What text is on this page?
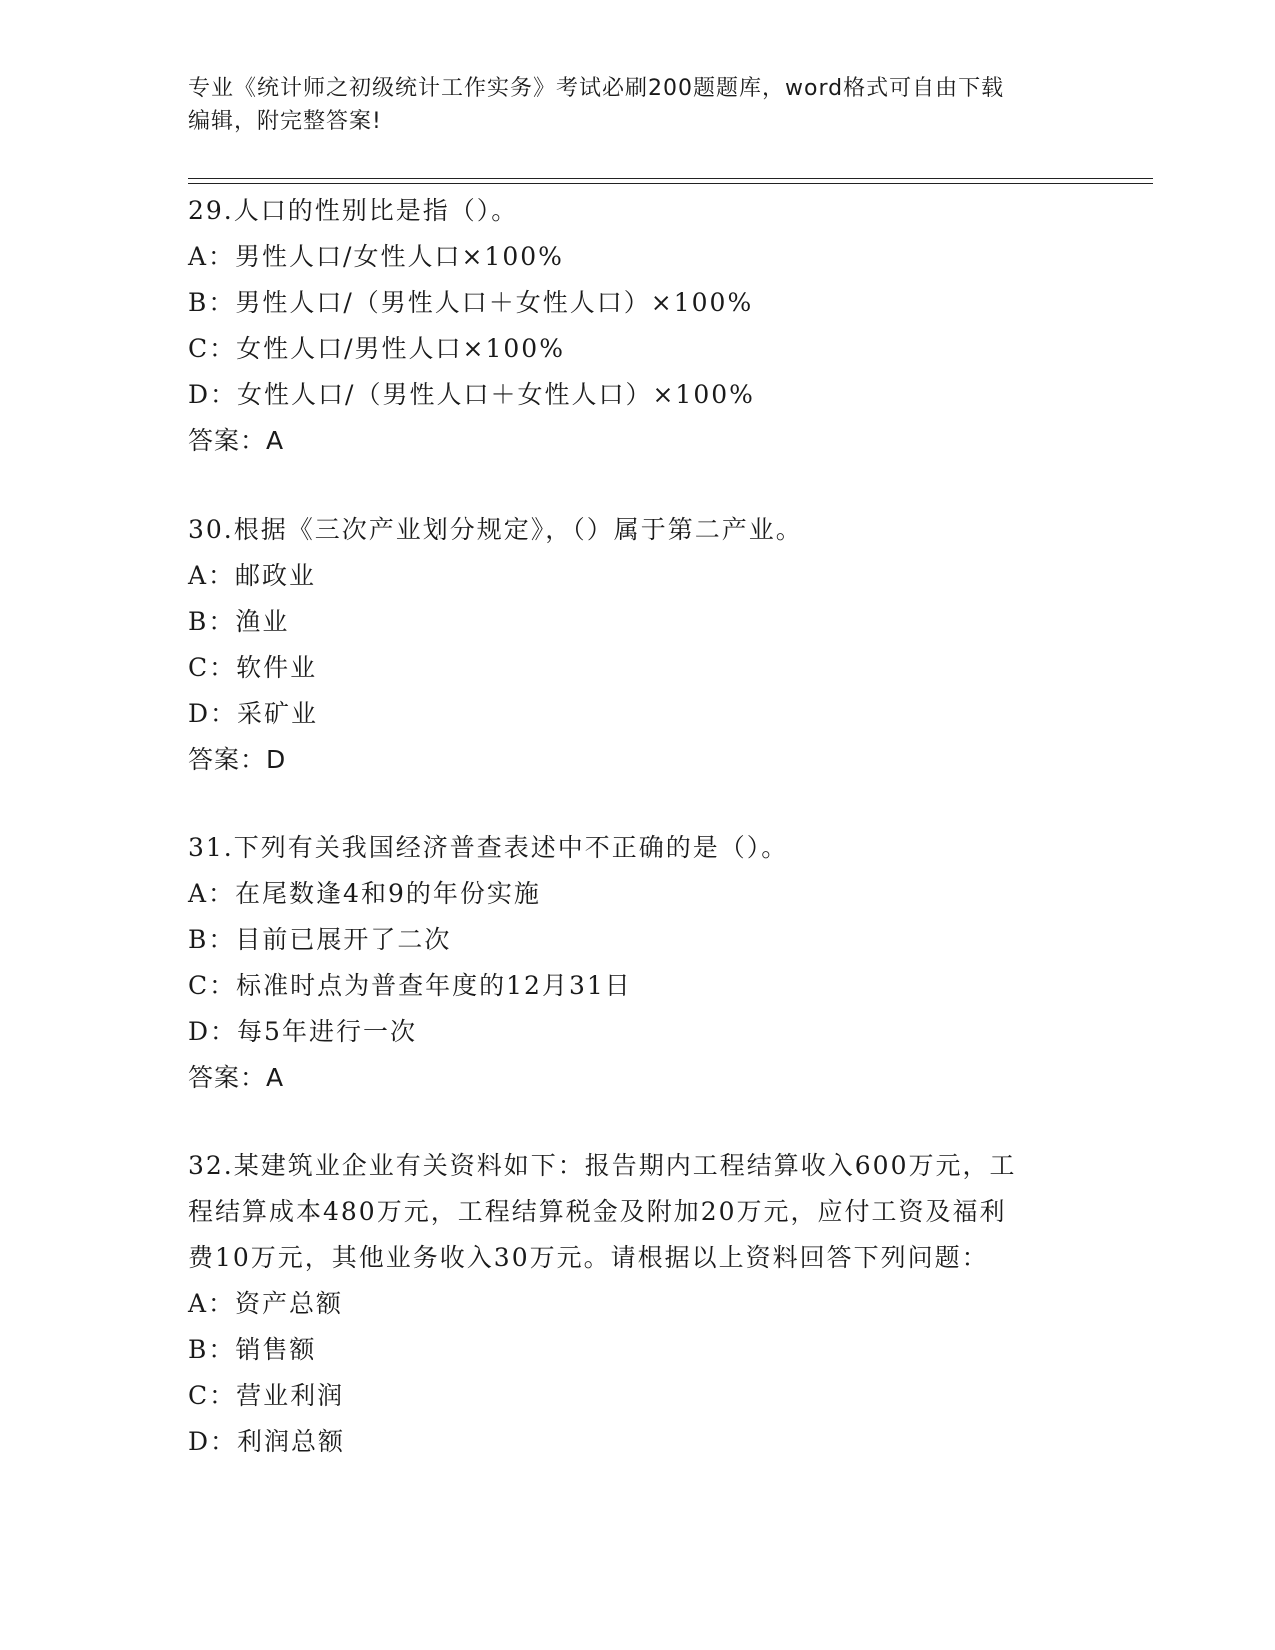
专业《统计师之初级统计工作实务》考试必刷200题题库，word格式可自由下载
编辑，附完整答案!
29.人口的性别比是指（）。
A：男性人口/女性人口×100%
B：男性人口/（男性人口＋女性人口）×100%
C：女性人口/男性人口×100%
D：女性人口/（男性人口＋女性人口）×100%
答案：A
30.根据《三次产业划分规定》，（）属于第二产业。
A：邮政业
B：渔业
C：软件业
D：采矿业
答案：D
31.下列有关我国经济普查表述中不正确的是（）。
A：在尾数逢4和9的年份实施
B：目前已展开了二次
C：标准时点为普查年度的12月31日
D：每5年进行一次
答案：A
32.某建筑业企业有关资料如下：报告期内工程结算收入600万元，工
程结算成本480万元，工程结算税金及附加20万元，应付工资及福利
费10万元，其他业务收入30万元。请根据以上资料回答下列问题：
A：资产总额
B：销售额
C：营业利润
D：利润总额
